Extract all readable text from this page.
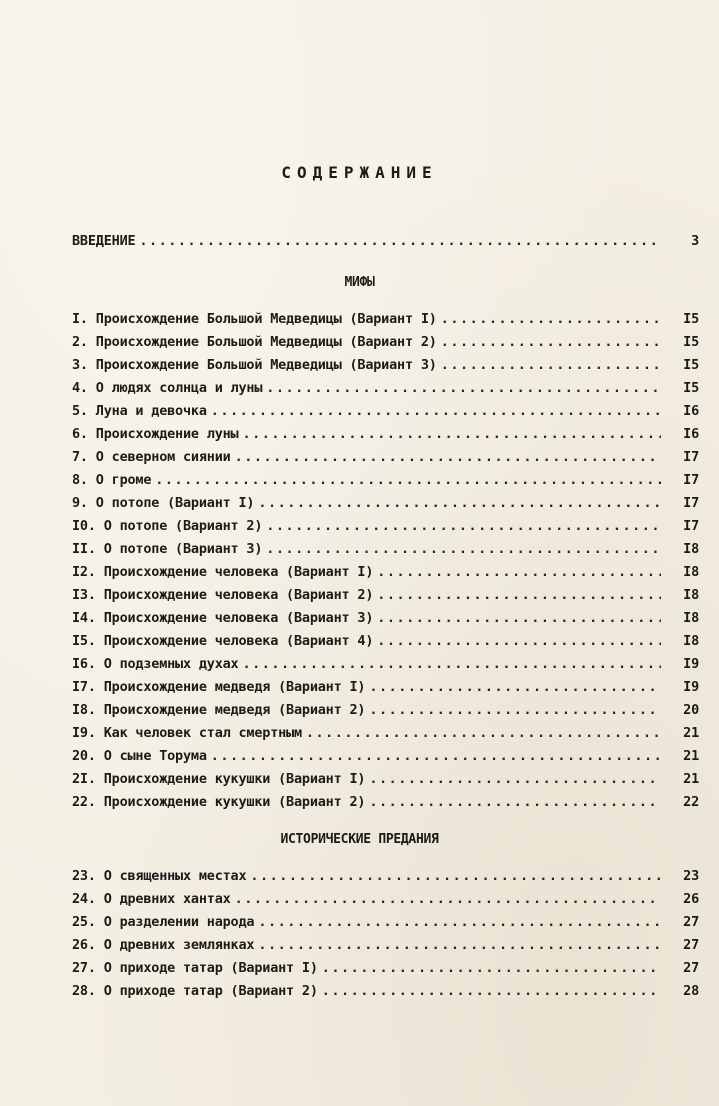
СОДЕРЖАНИЕ
ВВЕДЕНИЕ .....	3
МИФЫ
I. Происхождение Большой Медведицы (Вариант I) .....	I5
2. Происхождение Большой Медведицы (Вариант 2) .....	I5
3. Происхождение Большой Медведицы (Вариант 3) .....	I5
4. О людях солнца и луны .....	I5
5. Луна и девочка .....	I6
6. Происхождение луны .....	I6
7. О северном сиянии .....	I7
8. О громе .....	I7
9. О потопе (Вариант I) .....	I7
I0. О потопе (Вариант 2) .....	I7
II. О потопе (Вариант 3) .....	I8
I2. Происхождение человека (Вариант I) .....	I8
I3. Происхождение человека (Вариант 2) .....	I8
I4. Происхождение человека (Вариант 3) .....	I8
I5. Происхождение человека (Вариант 4) .....	I8
I6. О подземных духах .....	I9
I7. Происхождение медведя (Вариант I) .....	I9
I8. Происхождение медведя (Вариант 2) .....	20
I9. Как человек стал смертным .....	21
20. О сыне Торума .....	21
2I. Происхождение кукушки (Вариант I) .....	21
22. Происхождение кукушки (Вариант 2) .....	22
ИСТОРИЧЕСКИЕ ПРЕДАНИЯ
23. О священных местах .....	23
24. О древних хантах .....	26
25. О разделении народа .....	27
26. О древних землянках .....	27
27. О приходе татар (Вариант I) .....	27
28. О приходе татар (Вариант 2) .....	28
